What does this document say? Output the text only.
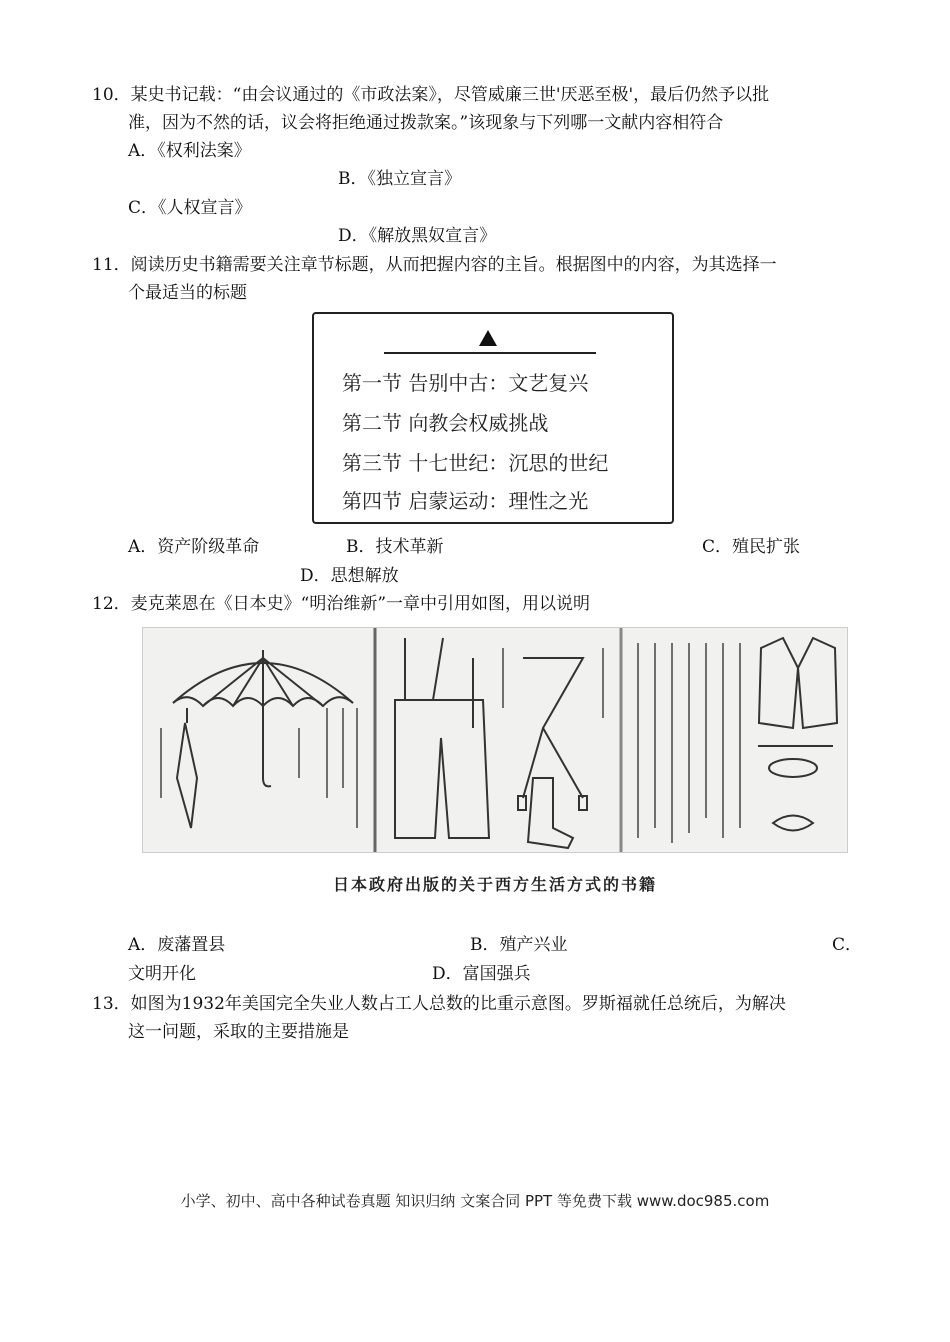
10．某史书记载：“由会议通过的《市政法案》，尽管威廉三世'厌恶至极'，最后仍然予以批
准，因为不然的话，议会将拒绝通过拨款案。”该现象与下列哪一文献内容相符合
A．《权利法案》
B．《独立宣言》
C．《人权宣言》
D．《解放黑奴宣言》
11．阅读历史书籍需要关注章节标题，从而把握内容的主旨。根据图中的内容，为其选择一
个最适当的标题
第一节 告别中古：文艺复兴
第二节 向教会权威挑战
第三节 十七世纪：沉思的世纪
第四节 启蒙运动：理性之光
A．资产阶级革命	B．技术革新	C．殖民扩张
D．思想解放
12．麦克莱恩在《日本史》“明治维新”一章中引用如图，用以说明
日本政府出版的关于西方生活方式的书籍
A．废藩置县	B．殖产兴业	C．
文明开化	D．富国强兵
13．如图为1932年美国完全失业人数占工人总数的比重示意图。罗斯福就任总统后，为解决
这一问题，采取的主要措施是
小学、初中、高中各种试卷真题 知识归纳 文案合同 PPT 等免费下载 www.doc985.com
